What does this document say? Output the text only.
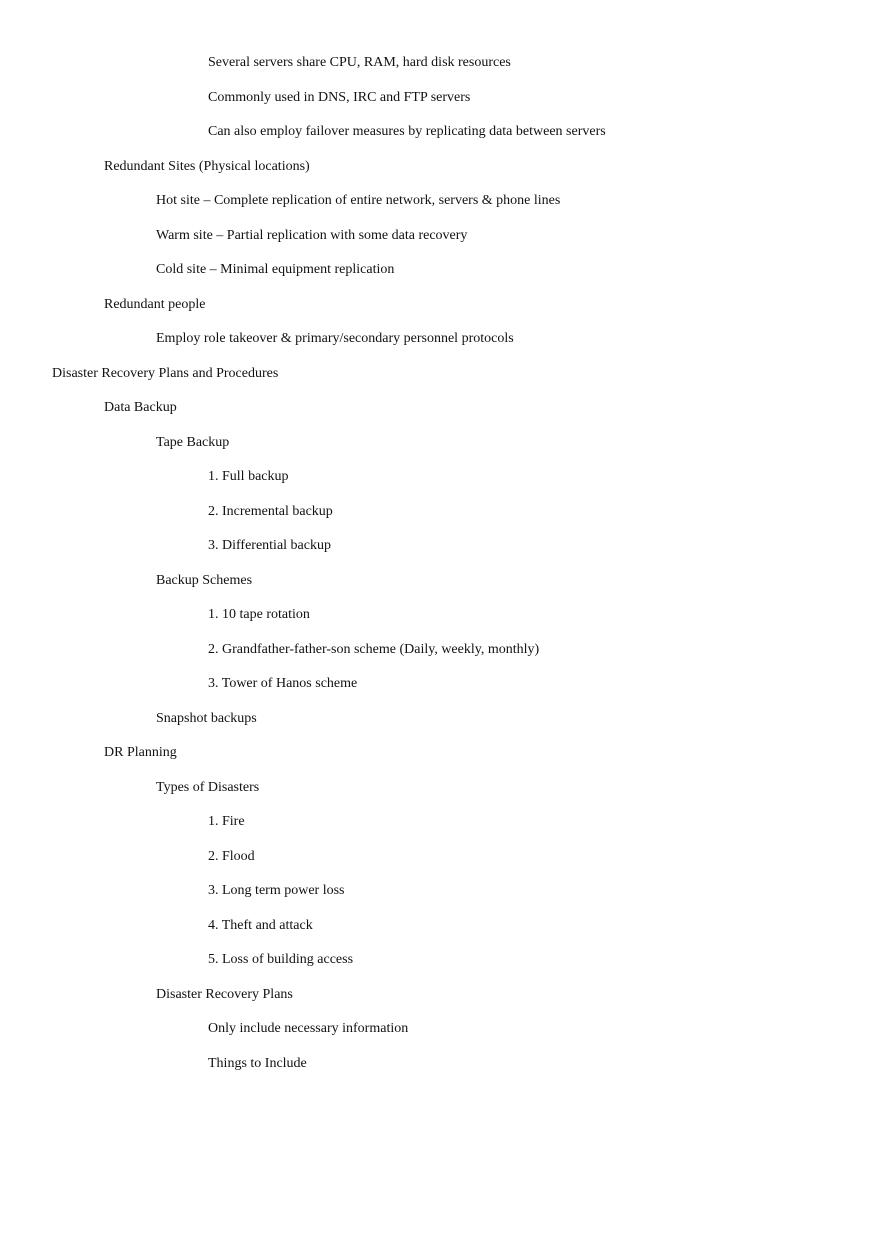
Several servers share CPU, RAM, hard disk resources
Commonly used in DNS, IRC and FTP servers
Can also employ failover measures by replicating data between servers
Redundant Sites (Physical locations)
Hot site – Complete replication of entire network, servers & phone lines
Warm site – Partial replication with some data recovery
Cold site – Minimal equipment replication
Redundant people
Employ role takeover & primary/secondary personnel protocols
Disaster Recovery Plans and Procedures
Data Backup
Tape Backup
1. Full backup
2. Incremental backup
3. Differential backup
Backup Schemes
1. 10 tape rotation
2. Grandfather-father-son scheme (Daily, weekly, monthly)
3. Tower of Hanos scheme
Snapshot backups
DR Planning
Types of Disasters
1. Fire
2. Flood
3. Long term power loss
4. Theft and attack
5. Loss of building access
Disaster Recovery Plans
Only include necessary information
Things to Include
